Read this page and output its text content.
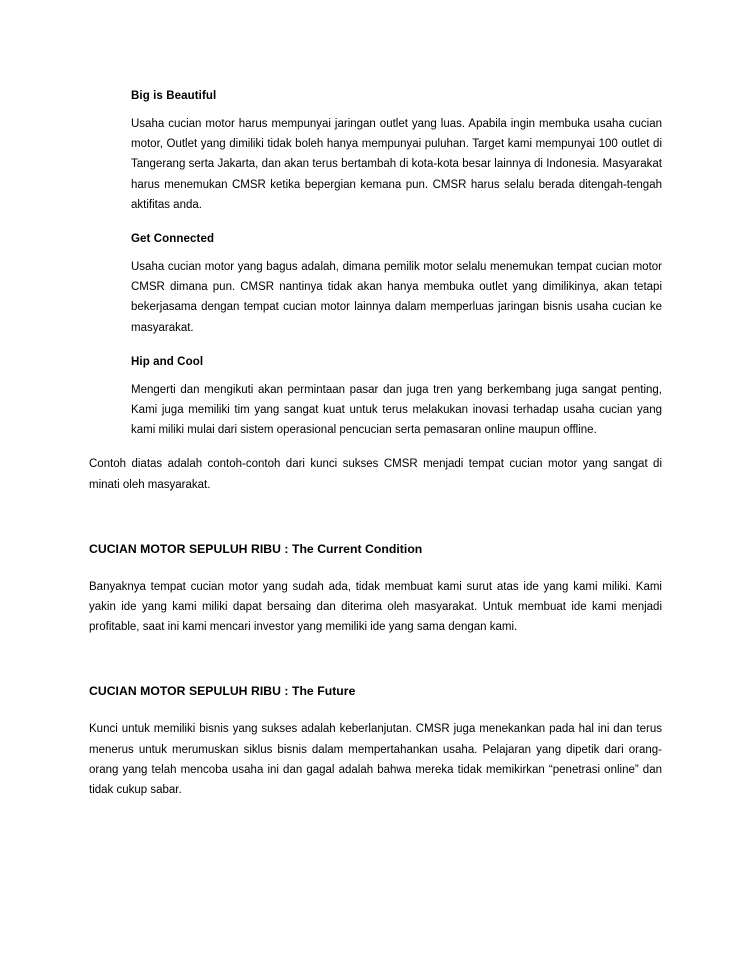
Big is Beautiful

Usaha cucian motor harus mempunyai jaringan outlet yang luas. Apabila ingin membuka usaha cucian motor, Outlet yang dimiliki tidak boleh hanya mempunyai puluhan. Target kami mempunyai 100 outlet di Tangerang serta Jakarta, dan akan terus bertambah di kota-kota besar lainnya di Indonesia. Masyarakat harus menemukan CMSR ketika bepergian kemana pun. CMSR harus selalu berada ditengah-tengah aktifitas anda.

Get Connected

Usaha cucian motor yang bagus adalah, dimana pemilik motor selalu menemukan tempat cucian motor CMSR dimana pun. CMSR nantinya tidak akan hanya membuka outlet yang dimilikinya, akan tetapi bekerjasama dengan tempat cucian motor lainnya dalam memperluas jaringan bisnis usaha cucian ke masyarakat.

Hip and Cool

Mengerti dan mengikuti akan permintaan pasar dan juga tren yang berkembang juga sangat penting, Kami juga memiliki tim yang sangat kuat untuk terus melakukan inovasi terhadap usaha cucian yang kami miliki mulai dari sistem operasional pencucian serta pemasaran online maupun offline.

Contoh diatas adalah contoh-contoh dari kunci sukses CMSR menjadi tempat cucian motor yang sangat di minati oleh masyarakat.

CUCIAN MOTOR SEPULUH RIBU : The Current Condition

Banyaknya tempat cucian motor yang sudah ada, tidak membuat kami surut atas ide yang kami miliki. Kami yakin ide yang kami miliki dapat bersaing dan diterima oleh masyarakat. Untuk membuat ide kami menjadi profitable, saat ini kami mencari investor yang memiliki ide yang sama dengan kami.

CUCIAN MOTOR SEPULUH RIBU : The Future

Kunci untuk memiliki bisnis yang sukses adalah keberlanjutan. CMSR juga menekankan pada hal ini dan terus menerus untuk merumuskan siklus bisnis dalam mempertahankan usaha. Pelajaran yang dipetik dari orang-orang yang telah mencoba usaha ini dan gagal adalah bahwa mereka tidak memikirkan “penetrasi online” dan tidak cukup sabar.
